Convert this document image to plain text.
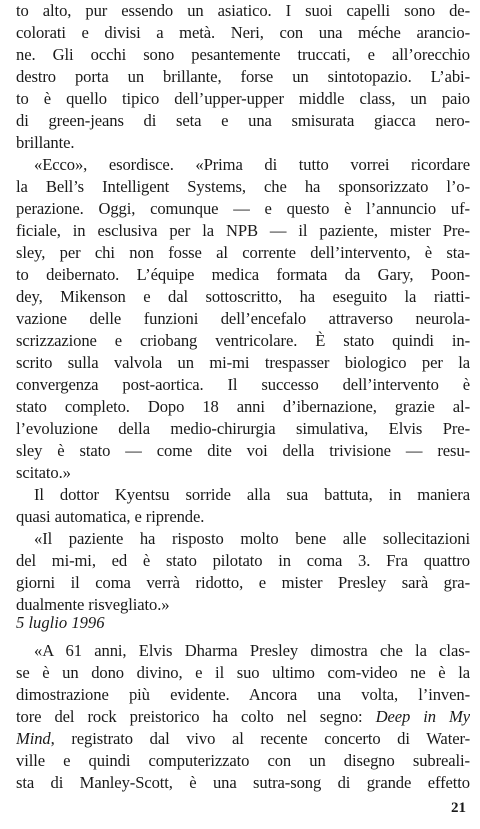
to alto, pur essendo un asiatico. I suoi capelli sono de-
colorati e divisi a metà. Neri, con una méche arancio-
ne. Gli occhi sono pesantemente truccati, e all’orecchio
destro porta un brillante, forse un sintotopazio. L’abi-
to è quello tipico dell’upper-upper middle class, un paio
di green-jeans di seta e una smisurata giacca nero-
brillante.
«Ecco», esordisce. «Prima di tutto vorrei ricordare
la Bell’s Intelligent Systems, che ha sponsorizzato l’o-
perazione. Oggi, comunque — e questo è l’annuncio uf-
ficiale, in esclusiva per la NPB — il paziente, mister Pre-
sley, per chi non fosse al corrente dell’intervento, è sta-
to deibernato. L’équipe medica formata da Gary, Poon-
dey, Mikenson e dal sottoscritto, ha eseguito la riatti-
vazione delle funzioni dell’encefalo attraverso neurola-
scrizzazione e criobang ventricolare. È stato quindi in-
scrito sulla valvola un mi-mi trespasser biologico per la
convergenza post-aortica. Il successo dell’intervento è
stato completo. Dopo 18 anni d’ibernazione, grazie al-
l’evoluzione della medio-chirurgia simulativa, Elvis Pre-
sley è stato — come dite voi della trivisione — resu-
scitato.»
Il dottor Kyentsu sorride alla sua battuta, in maniera
quasi automatica, e riprende.
«Il paziente ha risposto molto bene alle sollecitazioni
del mi-mi, ed è stato pilotato in coma 3. Fra quattro
giorni il coma verrà ridotto, e mister Presley sarà gra-
dualmente risvegliato.»
5 luglio 1996
«A 61 anni, Elvis Dharma Presley dimostra che la clas-
se è un dono divino, e il suo ultimo com-video ne è la
dimostrazione più evidente. Ancora una volta, l’inven-
tore del rock preistorico ha colto nel segno: Deep in My
Mind, registrato dal vivo al recente concerto di Water-
ville e quindi computerizzato con un disegno subreali-
sta di Manley-Scott, è una sutra-song di grande effetto
21
